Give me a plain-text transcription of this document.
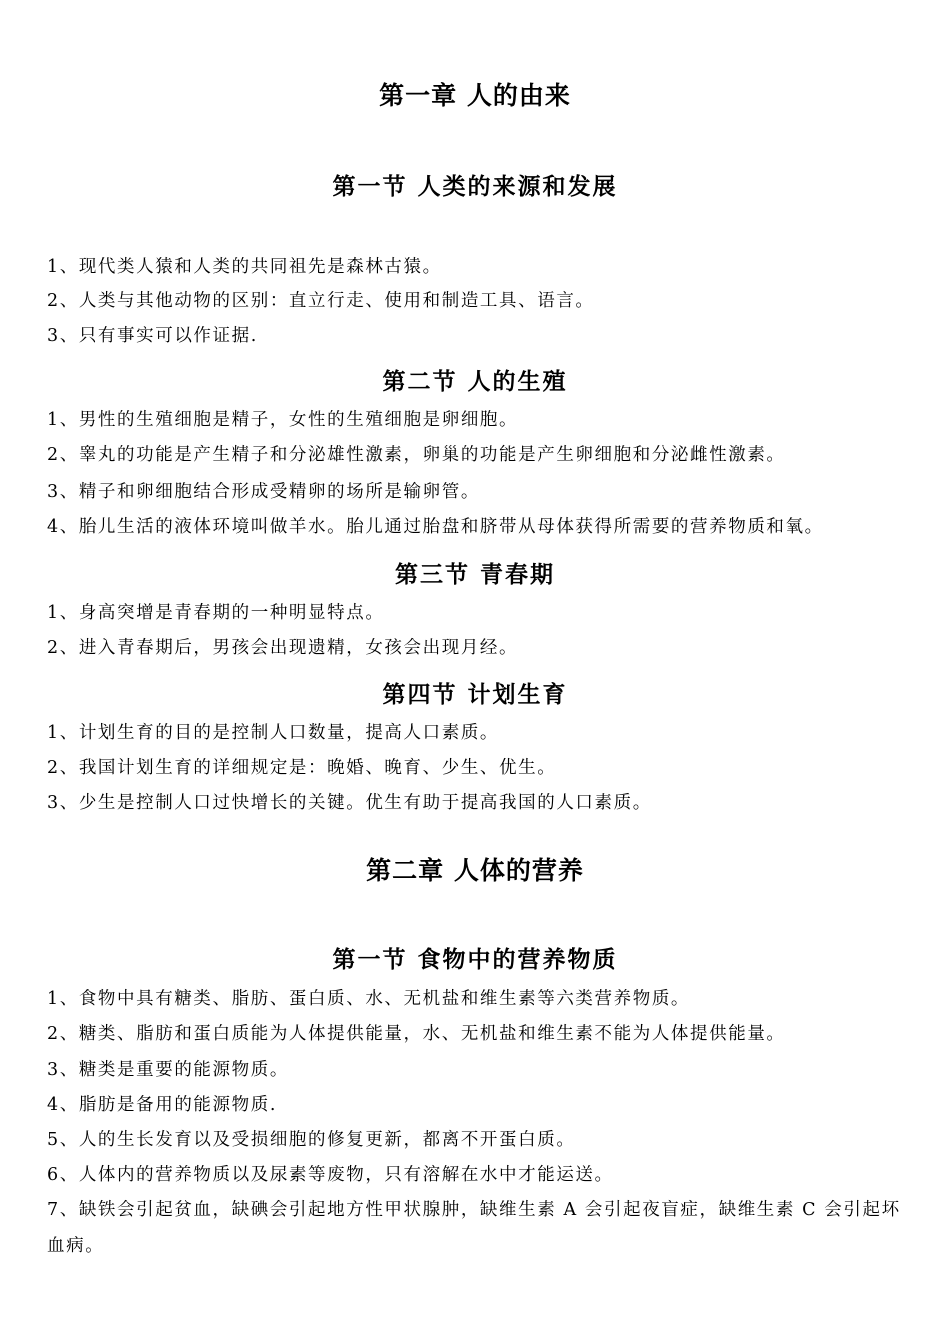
第一章 人的由来
第一节 人类的来源和发展
1、现代类人猿和人类的共同祖先是森林古猿。
2、人类与其他动物的区别：直立行走、使用和制造工具、语言。
3、只有事实可以作证据.
第二节 人的生殖
1、男性的生殖细胞是精子，女性的生殖细胞是卵细胞。
2、睾丸的功能是产生精子和分泌雄性激素，卵巢的功能是产生卵细胞和分泌雌性激素。
3、精子和卵细胞结合形成受精卵的场所是输卵管。
4、胎儿生活的液体环境叫做羊水。胎儿通过胎盘和脐带从母体获得所需要的营养物质和氧。
第三节 青春期
1、身高突增是青春期的一种明显特点。
2、进入青春期后，男孩会出现遗精，女孩会出现月经。
第四节 计划生育
1、计划生育的目的是控制人口数量，提高人口素质。
2、我国计划生育的详细规定是：晚婚、晚育、少生、优生。
3、少生是控制人口过快增长的关键。优生有助于提高我国的人口素质。
第二章 人体的营养
第一节 食物中的营养物质
1、食物中具有糖类、脂肪、蛋白质、水、无机盐和维生素等六类营养物质。
2、糖类、脂肪和蛋白质能为人体提供能量，水、无机盐和维生素不能为人体提供能量。
3、糖类是重要的能源物质。
4、脂肪是备用的能源物质.
5、人的生长发育以及受损细胞的修复更新，都离不开蛋白质。
6、人体内的营养物质以及尿素等废物，只有溶解在水中才能运送。
7、缺铁会引起贫血，缺碘会引起地方性甲状腺肿，缺维生素 A 会引起夜盲症，缺维生素 C 会引起坏血病。
